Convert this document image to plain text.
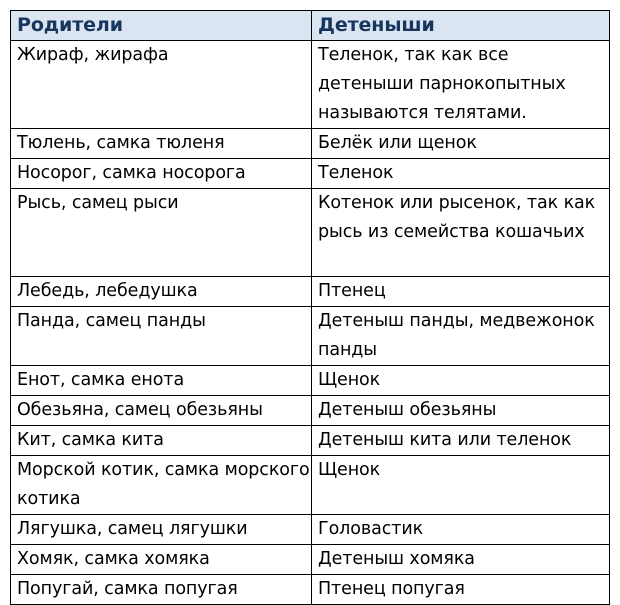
Родители	Детеныши
Жираф, жирафа	Теленок, так как все детеныши парнокопытных называются телятами.
Тюлень, самка тюленя	Белёк или щенок
Носорог, самка носорога	Теленок
Рысь, самец рыси	Котенок или рысенок, так как рысь из семейства кошачьих
Лебедь, лебедушка	Птенец
Панда, самец панды	Детеныш панды, медвежонок панды
Енот, самка енота	Щенок
Обезьяна, самец обезьяны	Детеныш обезьяны
Кит, самка кита	Детеныш кита или теленок
Морской котик, самка морского котика	Щенок
Лягушка, самец лягушки	Головастик
Хомяк, самка хомяка	Детеныш хомяка
Попугай, самка попугая	Птенец попугая
